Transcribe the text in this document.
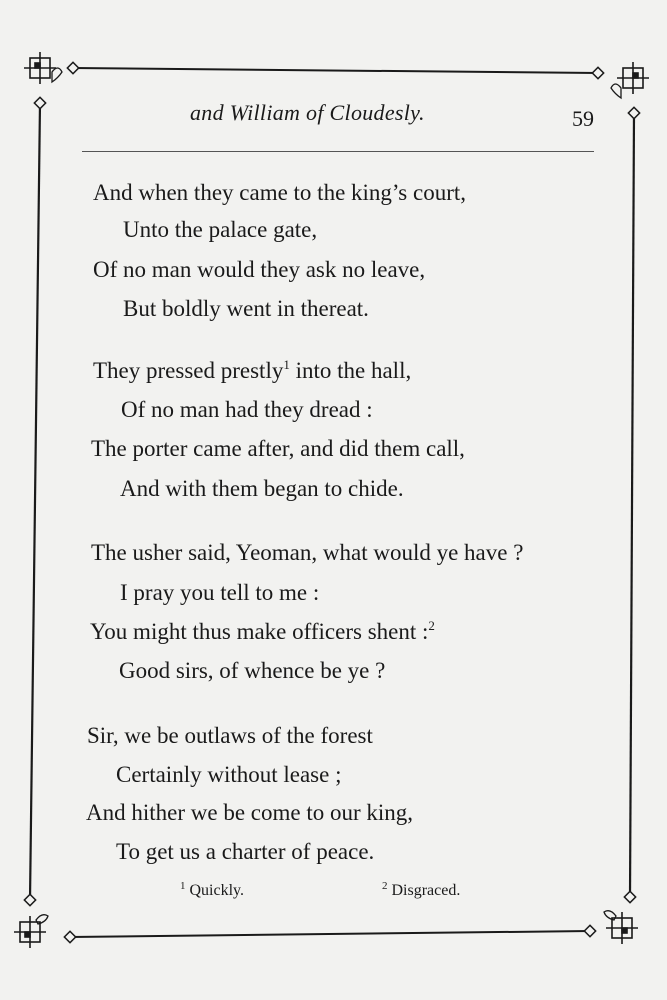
and William of Cloudesly.	59
And when they came to the king’s court,
Unto the palace gate,
Of no man would they ask no leave,
But boldly went in thereat.
They pressed prestly$^1$ into the hall,
Of no man had they dread :
The porter came after, and did them call,
And with them began to chide.
The usher said, Yeoman, what would ye have ?
I pray you tell to me :
You might thus make officers shent :$^2$
Good sirs, of whence be ye ?
Sir, we be outlaws of the forest
Certainly without lease ;
And hither we be come to our king,
To get us a charter of peace.
$^1$ Quickly.	$^2$ Disgraced.
